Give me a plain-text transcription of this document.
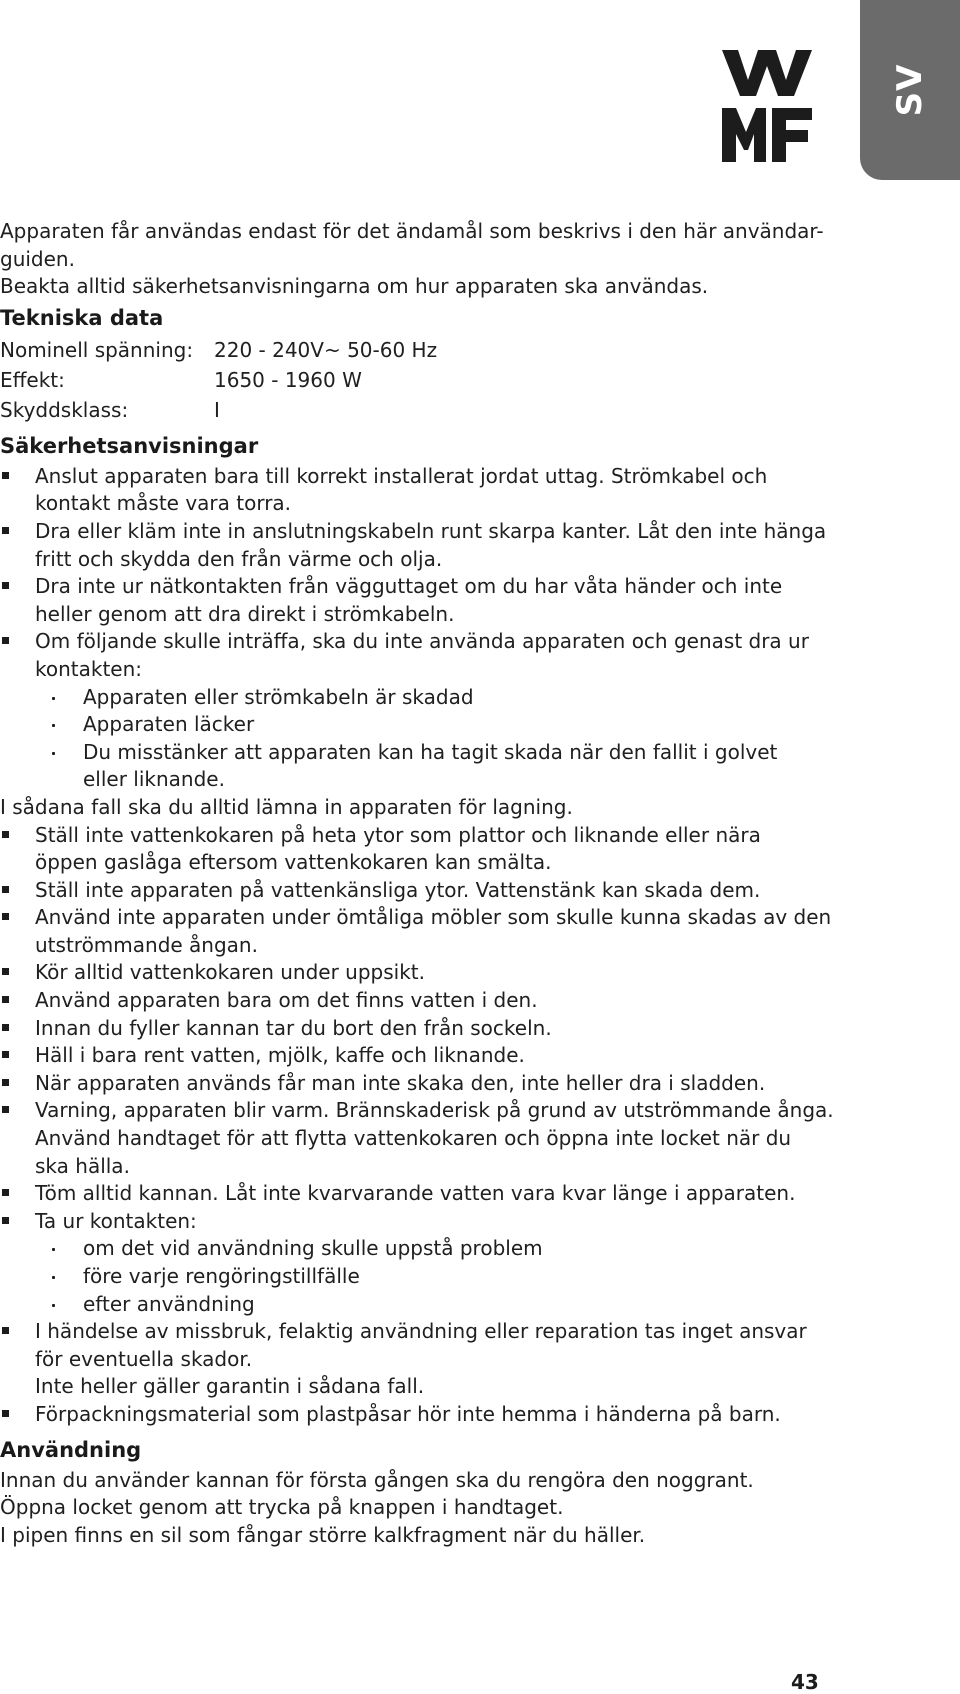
SV
Apparaten får användas endast för det ändamål som beskrivs i den här användar-
guiden.
Beakta alltid säkerhetsanvisningarna om hur apparaten ska användas.
Tekniska data
Nominell spänning:	220 - 240V~ 50-60 Hz
Effekt:	1650 - 1960 W
Skyddsklass:	I
Säkerhetsanvisningar
Anslut apparaten bara till korrekt installerat jordat uttag. Strömkabel och
kontakt måste vara torra.
Dra eller kläm inte in anslutningskabeln runt skarpa kanter. Låt den inte hänga
fritt och skydda den från värme och olja.
Dra inte ur nätkontakten från vägguttaget om du har våta händer och inte
heller genom att dra direkt i strömkabeln.
Om följande skulle inträffa, ska du inte använda apparaten och genast dra ur
kontakten:
Apparaten eller strömkabeln är skadad
Apparaten läcker
Du misstänker att apparaten kan ha tagit skada när den fallit i golvet
eller liknande.
I sådana fall ska du alltid lämna in apparaten för lagning.
Ställ inte vattenkokaren på heta ytor som plattor och liknande eller nära
öppen gaslåga eftersom vattenkokaren kan smälta.
Ställ inte apparaten på vattenkänsliga ytor. Vattenstänk kan skada dem.
Använd inte apparaten under ömtåliga möbler som skulle kunna skadas av den
utströmmande ångan.
Kör alltid vattenkokaren under uppsikt.
Använd apparaten bara om det finns vatten i den.
Innan du fyller kannan tar du bort den från sockeln.
Häll i bara rent vatten, mjölk, kaffe och liknande.
När apparaten används får man inte skaka den, inte heller dra i sladden.
Varning, apparaten blir varm. Brännskaderisk på grund av utströmmande ånga.
Använd handtaget för att flytta vattenkokaren och öppna inte locket när du
ska hälla.
Töm alltid kannan. Låt inte kvarvarande vatten vara kvar länge i apparaten.
Ta ur kontakten:
om det vid användning skulle uppstå problem
före varje rengöringstillfälle
efter användning
I händelse av missbruk, felaktig användning eller reparation tas inget ansvar
för eventuella skador.
Inte heller gäller garantin i sådana fall.
Förpackningsmaterial som plastpåsar hör inte hemma i händerna på barn.
Användning
Innan du använder kannan för första gången ska du rengöra den noggrant.
Öppna locket genom att trycka på knappen i handtaget.
I pipen finns en sil som fångar större kalkfragment när du häller.
43
